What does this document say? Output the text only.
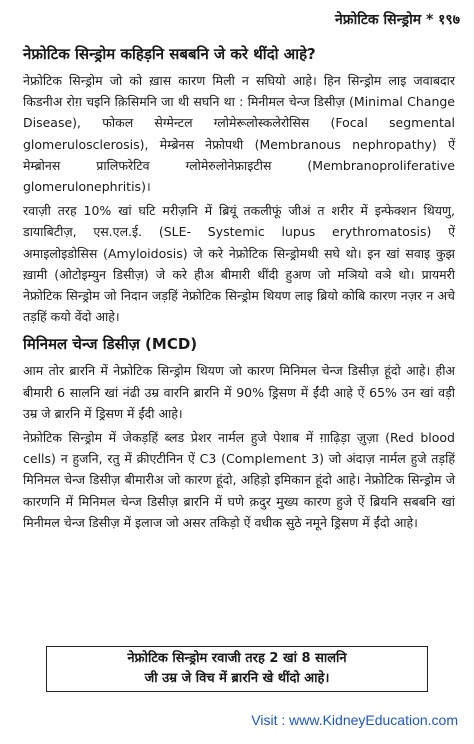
नेफ्रोटिक सिन्ड्रोम * १९७
नेफ्रोटिक सिन्ड्रोम कहिड़नि सबबनि जे करे थींदो आहे?

नेफ्रोटिक सिन्ड्रोम जो को ख़ास कारण मिली न सघियो आहे। हिन सिन्ड्रोम लाइ जवाबदार किडनीअ रोग़ चइनि क़िसिमनि जा थी सघनि था : मिनीमल चेन्ज डिसीज़ (Minimal Change Disease), फोकल सेग्मेन्टल ग्लोमेरूलोस्कलेरोसिस (Focal segmental glomerulosclerosis), मेम्ब्रेनस नेफ्रोपथी (Membranous nephropathy) ऐं मेम्ब्रोनस प्रालिफरेटिव ग्लोमेरुलोनेफ्राइटीस (Membranoproliferative glomerulonephritis)।

रवाज़ी तरह 10% खां घटि मरीज़नि में ब्रियूं तकलीफूं जीअं त शरीर में इन्फेक्शन थियणु, डायाबिटीज़, एस.एल.ई. (SLE- Systemic lupus erythromatosis) ऐं अमाइलोइडोसिस (Amyloidosis) जे करे नेफ्रोटिक सिन्ड्रोमथी सघे थो। इन खां सवाइ कुझ ख़ामी (ओटोइम्युन डिसीज़) जे करे हीअ बीमारी थींदी हुअण जो मञियो वञे थो। प्रायमरी नेफ्रोटिक सिन्ड्रोम जो निदान जड़हिं नेफ्रोटिक सिन्ड्रोम थियण लाइ ब्रियो कोबि कारण नज़र न अचे तड़हिं कयो वेंदो आहे।

मिनिमल चेन्ज डिसीज़ (MCD)

आम तोर ब्रारनि में नेफ्रोटिक सिन्ड्रोम थियण जो कारण मिनिमल चेन्ज डिसीज़ हूंदो आहे। हीअ बीमारी 6 सालनि खां नंढी उम्र वारनि ब्रारनि में 90% ड्रिसण में ईंदी आहे ऐं 65% उन खां वड़ी उम्र जे ब्रारनि में ड्रिसण में ईंदी आहे।

नेफ्रोटिक सिन्ड्रोम में जेकड़हिं ब्लड प्रेशर नार्मल हुजे पेशाब में ग़ाढ़िड़ा ज़ुज़ा (Red blood cells) न हुजनि, रतु में क्रीएटीनिन ऐं C3 (Complement 3) जो अंदाज़ नार्मल हुजे तड़हिं मिनिमल चेन्ज डिसीज़ बीमारीअ जो कारण हूंदो, अहिड़ो इमिकान हूंदो आहे। नेफ्रोटिक सिन्ड्रोम जे कारणनि में मिनिमल चेन्ज डिसीज़ ब्रारनि में घणे क़दुर मुख्य कारण हुजे ऐं ब्रियनि सबबनि खां मिनीमल चेन्ज डिसीज़ में इलाज जो असर तकिड़ो ऐं वधीक सुठे नमूने ड्रिसण में ईंदो आहे।

नेफ्रोटिक सिन्ड्रोम रवाजी तरह 2 खां 8 सालनि
जी उम्र जे विच में ब्रारनि खे थींदो आहे।
Visit : www.KidneyEducation.com
